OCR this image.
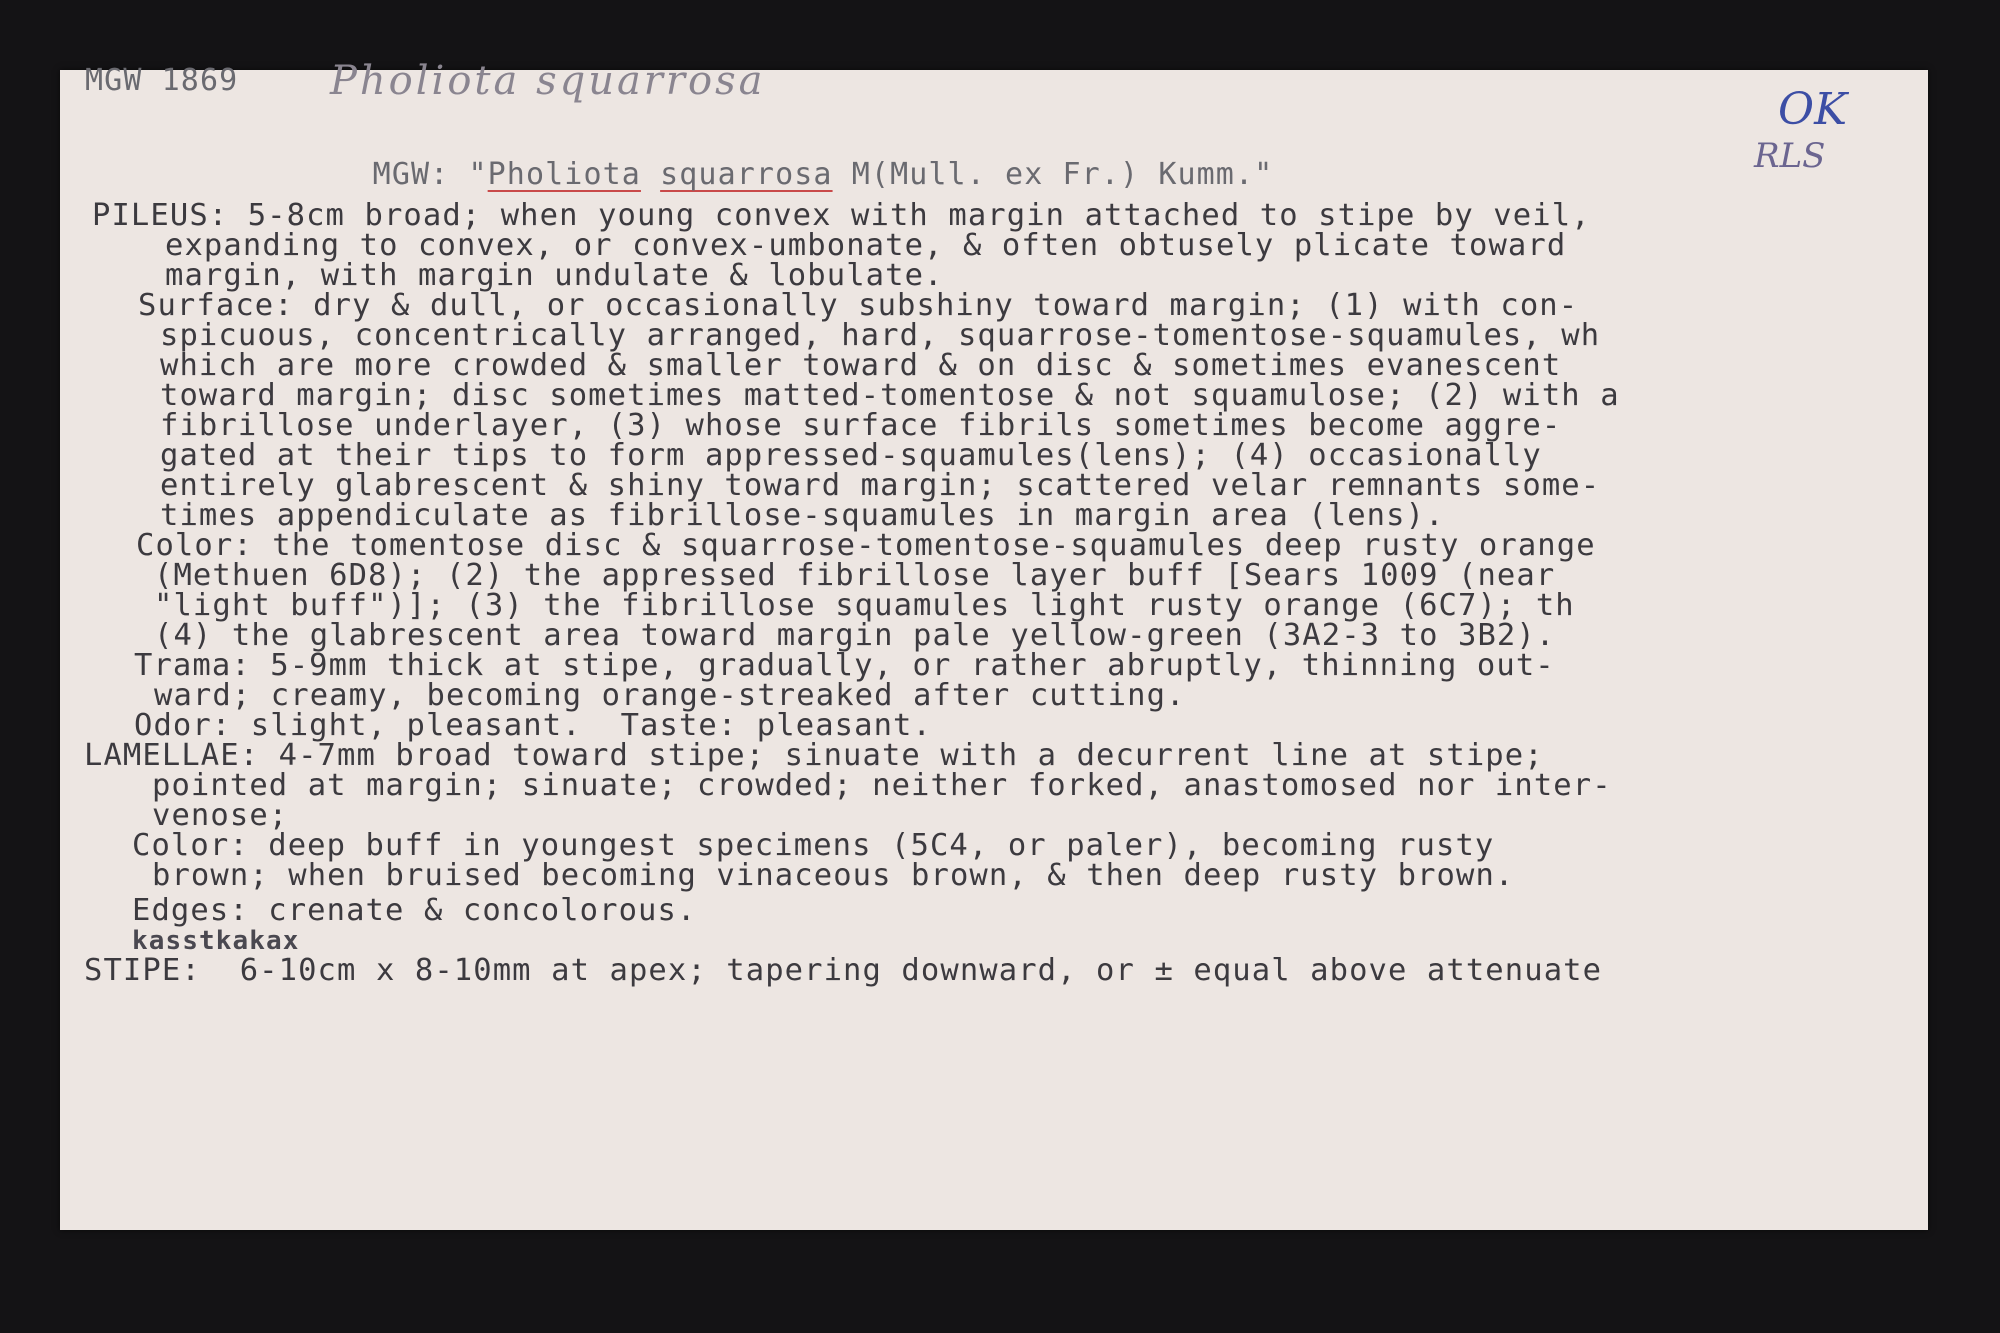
MGW 1869 Pholiota squarrosa
OK
RLS

MGW: "Pholiota squarrosa M(Mull. ex Fr.) Kumm."

PILEUS: 5-8cm broad; when young convex with margin attached to stipe by veil,
expanding to convex, or convex-umbonate, & often obtusely plicate toward
margin, with margin undulate & lobulate.
Surface: dry & dull, or occasionally subshiny toward margin; (1) with con-
spicuous, concentrically arranged, hard, squarrose-tomentose-squamules, wh
which are more crowded & smaller toward & on disc & sometimes evanescent
toward margin; disc sometimes matted-tomentose & not squamulose; (2) with a
fibrillose underlayer, (3) whose surface fibrils sometimes become aggre-
gated at their tips to form appressed-squamules(lens); (4) occasionally
entirely glabrescent & shiny toward margin; scattered velar remnants some-
times appendiculate as fibrillose-squamules in margin area (lens).
Color: the tomentose disc & squarrose-tomentose-squamules deep rusty orange
(Methuen 6D8); (2) the appressed fibrillose layer buff [Sears 1009 (near
"light buff")]; (3) the fibrillose squamules light rusty orange (6C7); th
(4) the glabrescent area toward margin pale yellow-green (3A2-3 to 3B2).
Trama: 5-9mm thick at stipe, gradually, or rather abruptly, thinning out-
ward; creamy, becoming orange-streaked after cutting.
Odor: slight, pleasant.  Taste: pleasant.
LAMELLAE: 4-7mm broad toward stipe; sinuate with a decurrent line at stipe;
pointed at margin; sinuate; crowded; neither forked, anastomosed nor inter-
venose;
Color: deep buff in youngest specimens (5C4, or paler), becoming rusty
brown; when bruised becoming vinaceous brown, & then deep rusty brown.
Edges: crenate & concolorous.
kasstkakax
STIPE:  6-10cm x 8-10mm at apex; tapering downward, or ± equal above attenuate
